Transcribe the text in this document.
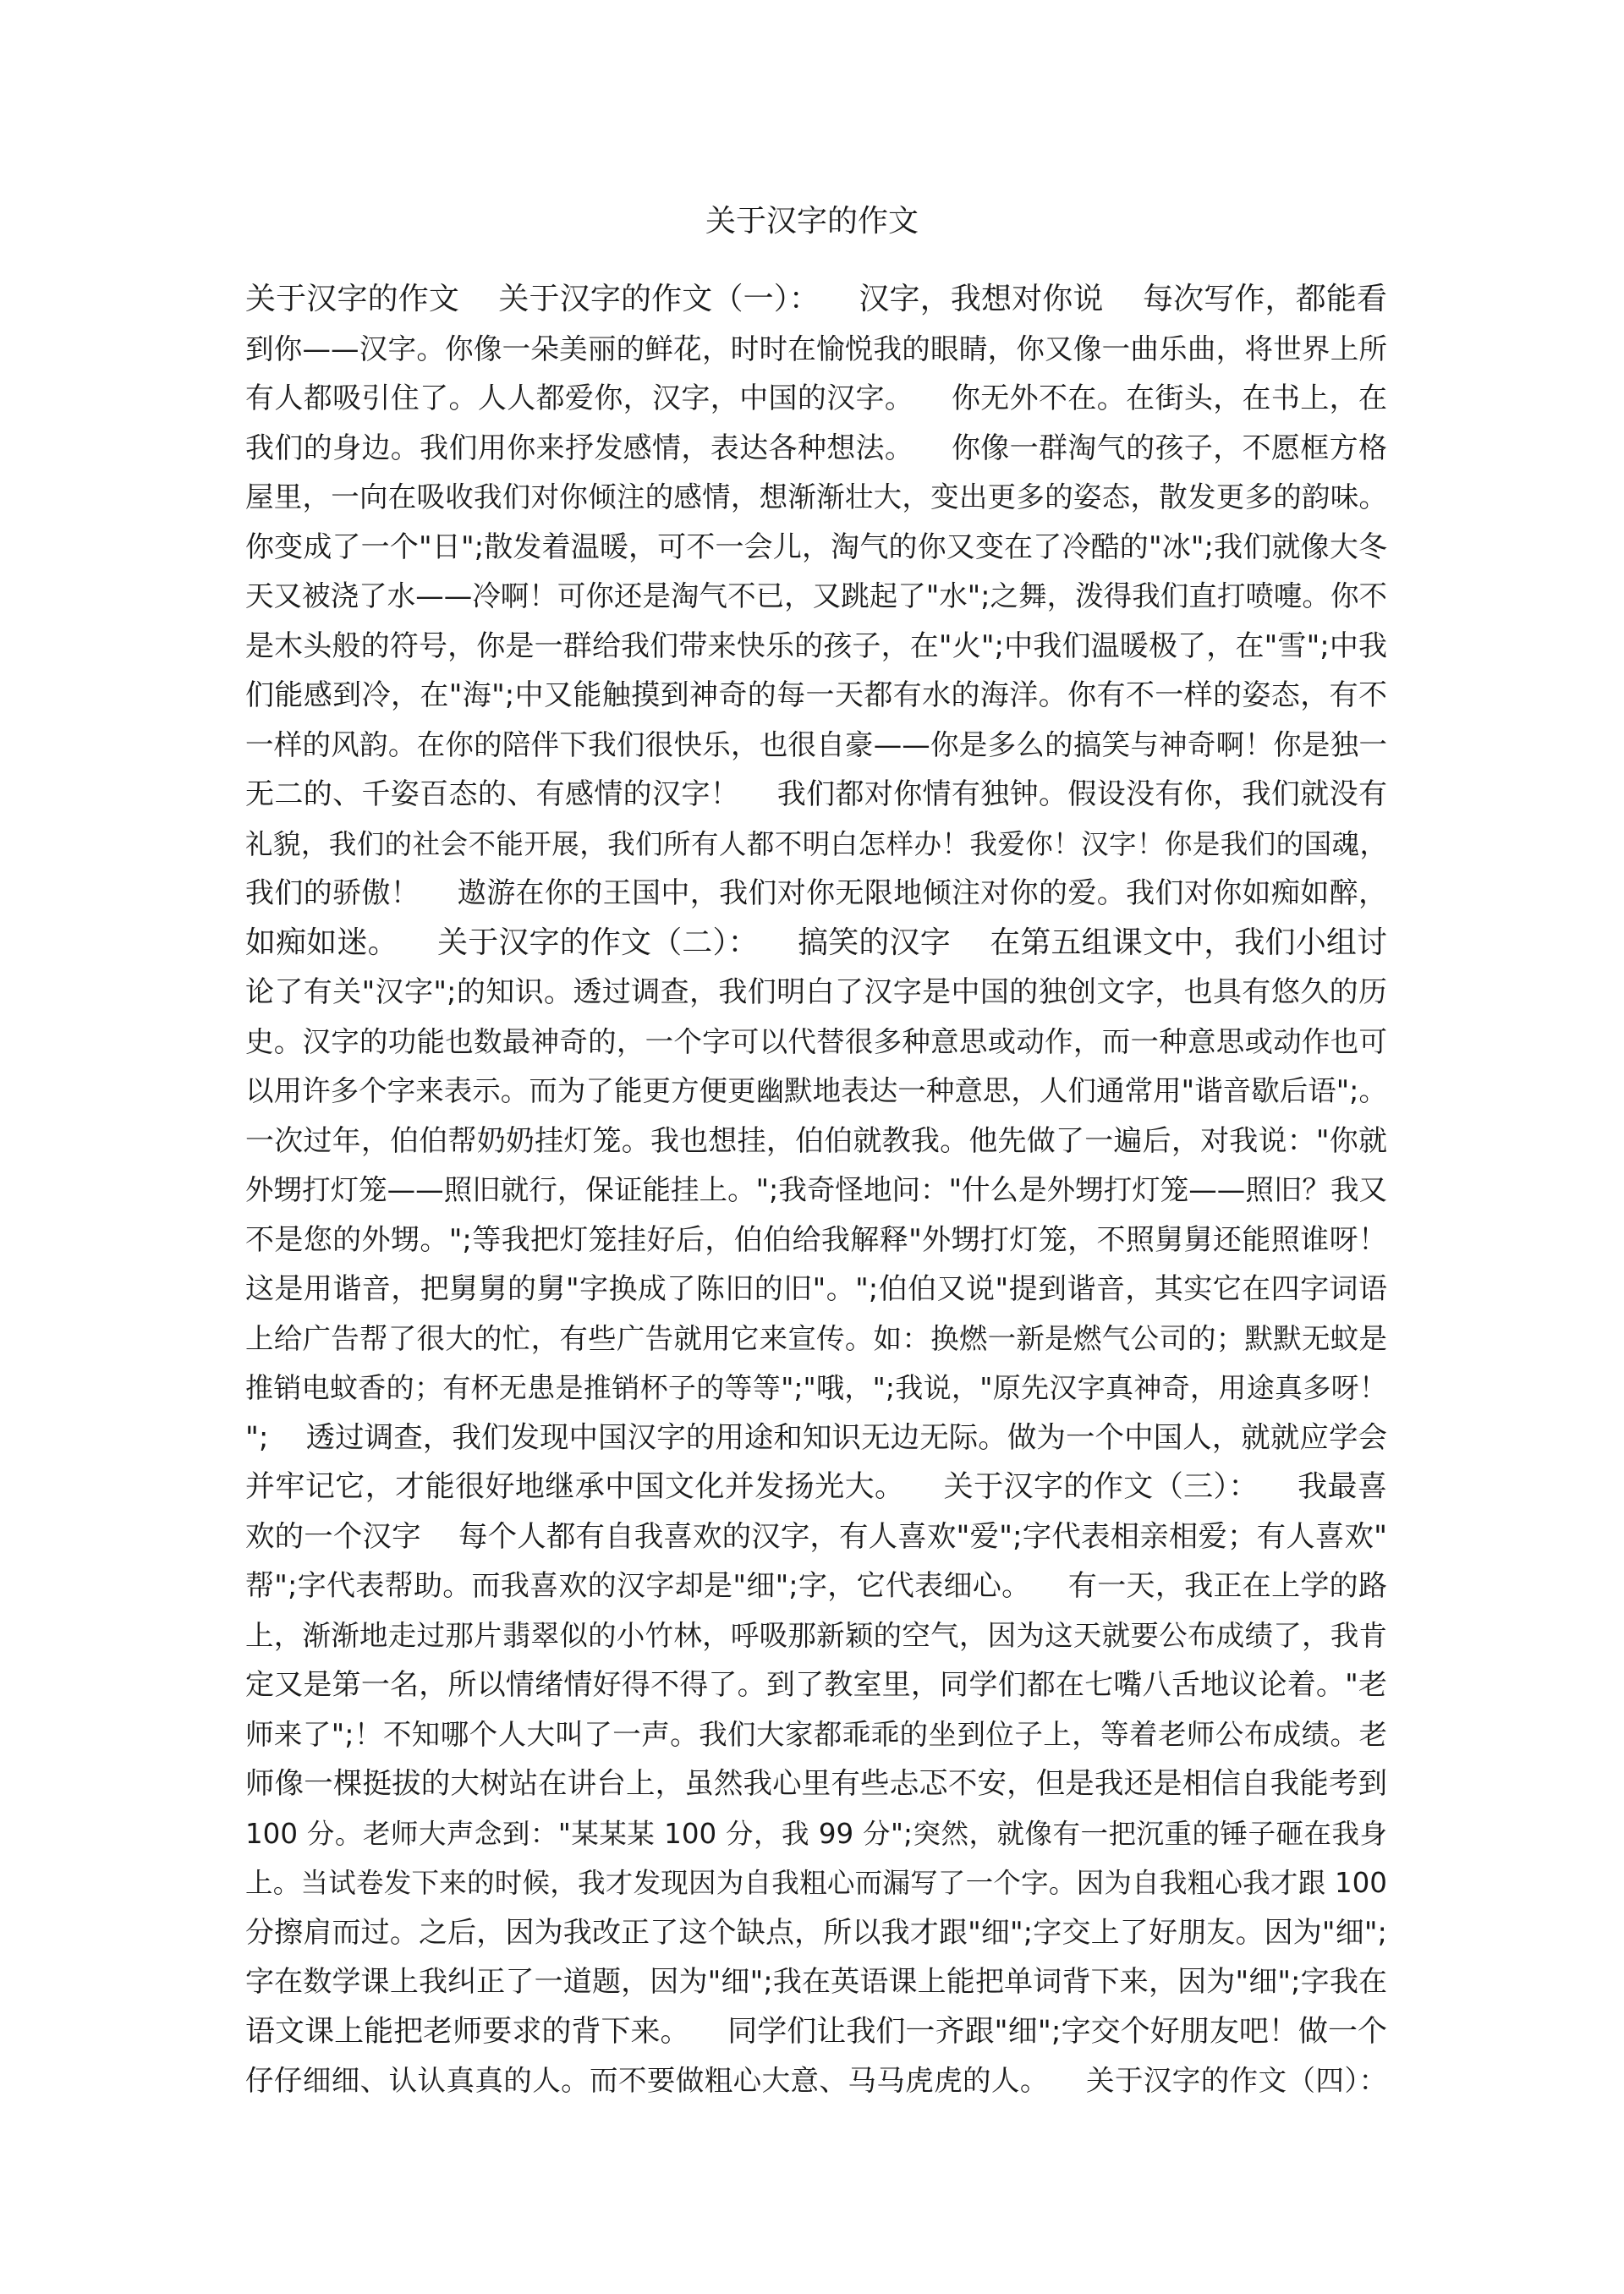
关于汉字的作文
关于汉字的作文    关于汉字的作文（一）：    汉字，我想对你说    每次写作，都能看
到你——汉字。你像一朵美丽的鲜花，时时在愉悦我的眼睛，你又像一曲乐曲，将世界上所
有人都吸引住了。人人都爱你，汉字，中国的汉字。    你无外不在。在街头，在书上，在
我们的身边。我们用你来抒发感情，表达各种想法。    你像一群淘气的孩子，不愿框方格
屋里，一向在吸收我们对你倾注的感情，想渐渐壮大，变出更多的姿态，散发更多的韵味。
你变成了一个"日";散发着温暖，可不一会儿，淘气的你又变在了冷酷的"冰";我们就像大冬
天又被浇了水——冷啊！可你还是淘气不已，又跳起了"水";之舞，泼得我们直打喷嚏。你不
是木头般的符号，你是一群给我们带来快乐的孩子，在"火";中我们温暖极了，在"雪";中我
们能感到冷，在"海";中又能触摸到神奇的每一天都有水的海洋。你有不一样的姿态，有不
一样的风韵。在你的陪伴下我们很快乐，也很自豪——你是多么的搞笑与神奇啊！你是独一
无二的、千姿百态的、有感情的汉字！    我们都对你情有独钟。假设没有你，我们就没有
礼貌，我们的社会不能开展，我们所有人都不明白怎样办！我爱你！汉字！你是我们的国魂，
我们的骄傲！    遨游在你的王国中，我们对你无限地倾注对你的爱。我们对你如痴如醉，
如痴如迷。    关于汉字的作文（二）：    搞笑的汉字    在第五组课文中，我们小组讨
论了有关"汉字";的知识。透过调查，我们明白了汉字是中国的独创文字，也具有悠久的历
史。汉字的功能也数最神奇的，一个字可以代替很多种意思或动作，而一种意思或动作也可
以用许多个字来表示。而为了能更方便更幽默地表达一种意思，人们通常用"谐音歇后语";。
一次过年，伯伯帮奶奶挂灯笼。我也想挂，伯伯就教我。他先做了一遍后，对我说："你就
外甥打灯笼——照旧就行，保证能挂上。";我奇怪地问："什么是外甥打灯笼——照旧？我又
不是您的外甥。";等我把灯笼挂好后，伯伯给我解释"外甥打灯笼，不照舅舅还能照谁呀！
这是用谐音，把舅舅的舅"字换成了陈旧的旧"。";伯伯又说"提到谐音，其实它在四字词语
上给广告帮了很大的忙，有些广告就用它来宣传。如：换燃一新是燃气公司的；默默无蚊是
推销电蚊香的；有杯无患是推销杯子的等等";"哦，";我说，"原先汉字真神奇，用途真多呀！
";    透过调查，我们发现中国汉字的用途和知识无边无际。做为一个中国人，就就应学会
并牢记它，才能很好地继承中国文化并发扬光大。    关于汉字的作文（三）：    我最喜
欢的一个汉字    每个人都有自我喜欢的汉字，有人喜欢"爱";字代表相亲相爱；有人喜欢"
帮";字代表帮助。而我喜欢的汉字却是"细";字，它代表细心。    有一天，我正在上学的路
上，渐渐地走过那片翡翠似的小竹林，呼吸那新颖的空气，因为这天就要公布成绩了，我肯
定又是第一名，所以情绪情好得不得了。到了教室里，同学们都在七嘴八舌地议论着。"老
师来了";！不知哪个人大叫了一声。我们大家都乖乖的坐到位子上，等着老师公布成绩。老
师像一棵挺拔的大树站在讲台上，虽然我心里有些忐忑不安，但是我还是相信自我能考到
100 分。老师大声念到："某某某 100 分，我 99 分";突然，就像有一把沉重的锤子砸在我身
上。当试卷发下来的时候，我才发现因为自我粗心而漏写了一个字。因为自我粗心我才跟 100
分擦肩而过。之后，因为我改正了这个缺点，所以我才跟"细";字交上了好朋友。因为"细";
字在数学课上我纠正了一道题，因为"细";我在英语课上能把单词背下来，因为"细";字我在
语文课上能把老师要求的背下来。    同学们让我们一齐跟"细";字交个好朋友吧！做一个
仔仔细细、认认真真的人。而不要做粗心大意、马马虎虎的人。    关于汉字的作文（四）：
